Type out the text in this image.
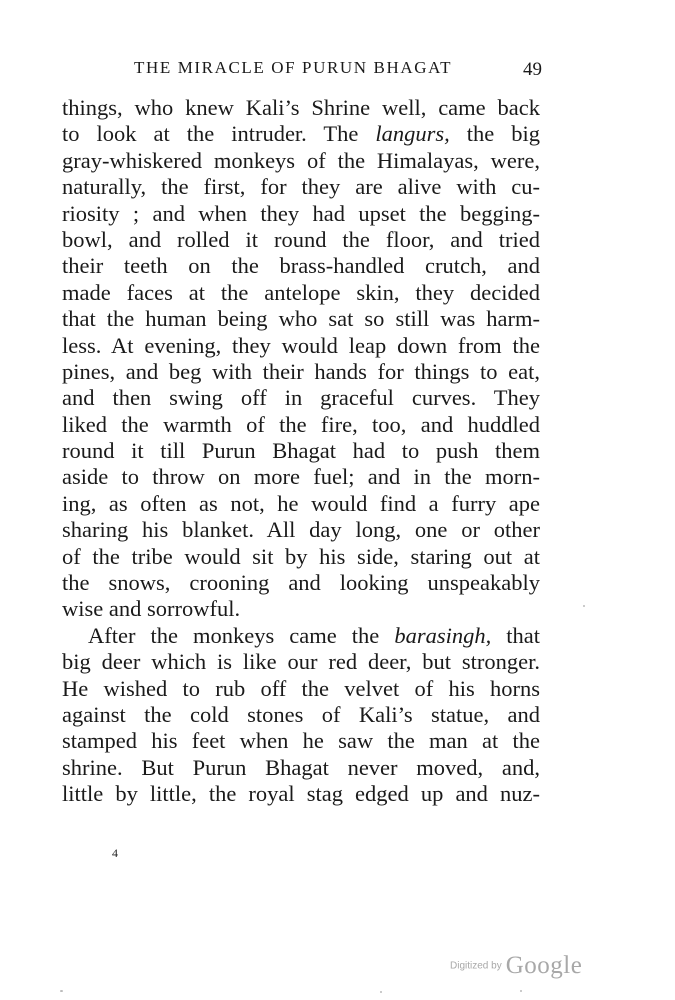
THE MIRACLE OF PURUN BHAGAT	49
things, who knew Kali’s Shrine well, came back
to look at the intruder. The langurs, the big
gray-whiskered monkeys of the Himalayas, were,
naturally, the first, for they are alive with cu-
riosity ; and when they had upset the begging-
bowl, and rolled it round the floor, and tried
their teeth on the brass-handled crutch, and
made faces at the antelope skin, they decided
that the human being who sat so still was harm-
less. At evening, they would leap down from the
pines, and beg with their hands for things to eat,
and then swing off in graceful curves. They
liked the warmth of the fire, too, and huddled
round it till Purun Bhagat had to push them
aside to throw on more fuel; and in the morn-
ing, as often as not, he would find a furry ape
sharing his blanket. All day long, one or other
of the tribe would sit by his side, staring out at
the snows, crooning and looking unspeakably
wise and sorrowful.
After the monkeys came the barasingh, that
big deer which is like our red deer, but stronger.
He wished to rub off the velvet of his horns
against the cold stones of Kali’s statue, and
stamped his feet when he saw the man at the
shrine. But Purun Bhagat never moved, and,
little by little, the royal stag edged up and nuz-
4
Digitized by Google
